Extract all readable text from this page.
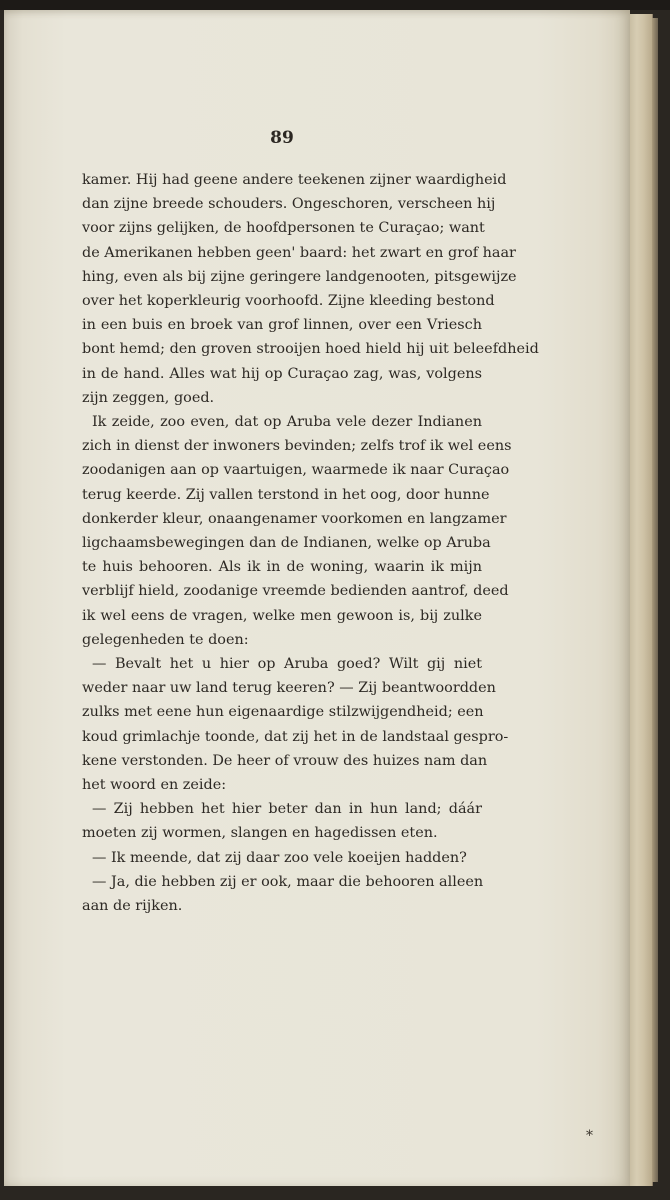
89
kamer. Hij had geene andere teekenen zijner waardigheid
dan zijne breede schouders. Ongeschoren, verscheen hij
voor zijns gelijken, de hoofdpersonen te Curaçao; want
de Amerikanen hebben geen' baard: het zwart en grof haar
hing, even als bij zijne geringere landgenooten, pitsgewijze
over het koperkleurig voorhoofd. Zijne kleeding bestond
in een buis en broek van grof linnen, over een Vriesch
bont hemd; den groven strooijen hoed hield hij uit beleefdheid
in de hand. Alles wat hij op Curaçao zag, was, volgens
zijn zeggen, goed.
Ik zeide, zoo even, dat op Aruba vele dezer Indianen
zich in dienst der inwoners bevinden; zelfs trof ik wel eens
zoodanigen aan op vaartuigen, waarmede ik naar Curaçao
terug keerde. Zij vallen terstond in het oog, door hunne
donkerder kleur, onaangenamer voorkomen en langzamer
ligchaamsbewegingen dan de Indianen, welke op Aruba
te huis behooren. Als ik in de woning, waarin ik mijn
verblijf hield, zoodanige vreemde bedienden aantrof, deed
ik wel eens de vragen, welke men gewoon is, bij zulke
gelegenheden te doen:
— Bevalt het u hier op Aruba goed? Wilt gij niet
weder naar uw land terug keeren? — Zij beantwoordden
zulks met eene hun eigenaardige stilzwijgendheid; een
koud grimlachje toonde, dat zij het in de landstaal gespro-
kene verstonden. De heer of vrouw des huizes nam dan
het woord en zeide:
— Zij hebben het hier beter dan in hun land; dáár
moeten zij wormen, slangen en hagedissen eten.
— Ik meende, dat zij daar zoo vele koeijen hadden?
— Ja, die hebben zij er ook, maar die behooren alleen
aan de rijken.
*
